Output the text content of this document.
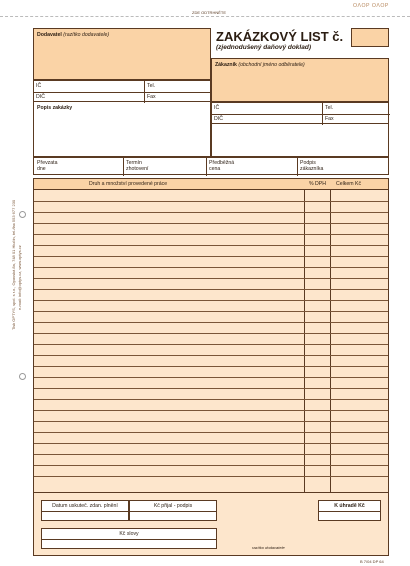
ZDE ODTRHNĚTE
OΛOP OΛOP
Tisk OPTYS, spol. s r.o., Opavská 8a, 748 01 Hlučín, tel./fax 553 677 230 e-mail: info@optys.cz, www.optys.cz
Dodavatel (razítko dodavatele)
IČ	Tel.
DIČ	Fax
ZAKÁZKOVÝ LIST č.
(zjednodušený daňový doklad)
Zákazník (obchodní jméno odběratele)
IČ	Tel.
DIČ	Fax
Popis zakázky
Převzata
dne
Termín
zhotovení
Předběžná
cena
Podpis
zákazníka
Druh a množství provedené práce	% DPH Celkem Kč
Datum uskuteč. zdan. plnění	Kč přijal - podpis	K úhradě Kč
Kč slovy
razítko dodavatele
B 7/04 DP 64
